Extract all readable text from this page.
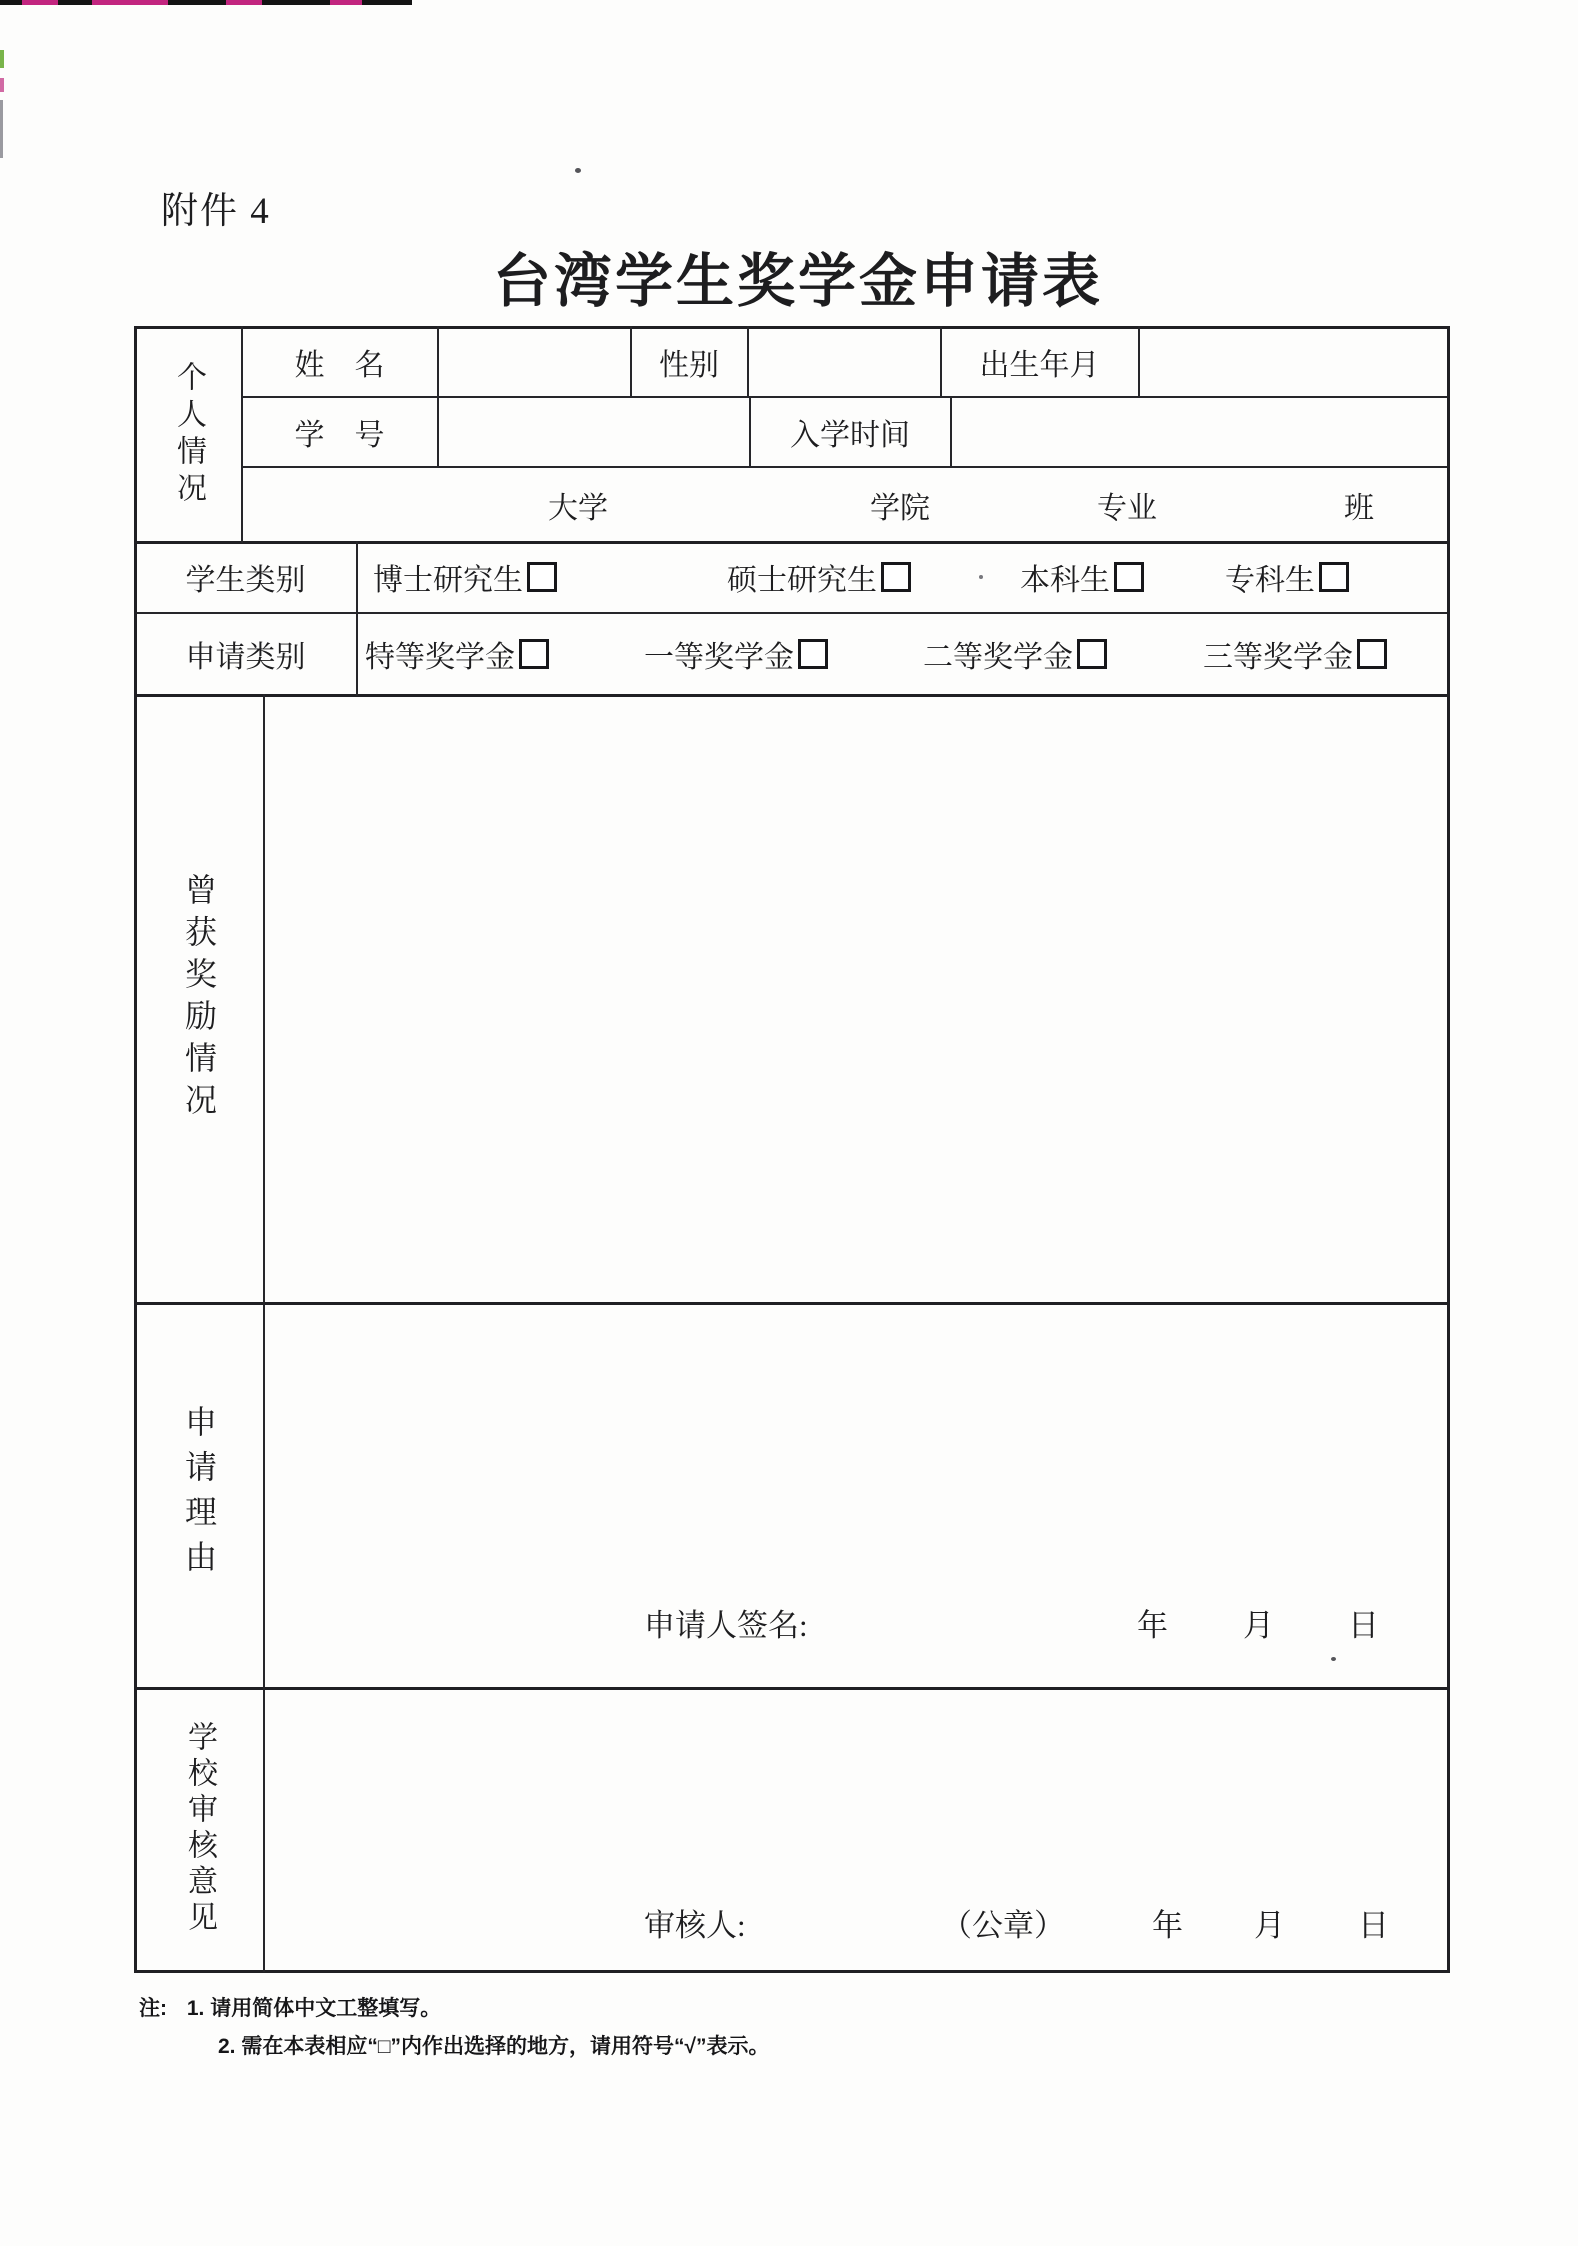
附件 4
台湾学生奖学金申请表
个人情况	姓　名	性别	出生年月
学　号	入学时间
大学	学院	专业	班
学生类别	博士研究生	硕士研究生	本科生	专科生
申请类别	特等奖学金	一等奖学金	二等奖学金	三等奖学金
曾获奖励情况
申请理由
申请人签名:	年 月 日
学校审核意见	审核人:	（公章）	年 月 日
注: 1. 请用简体中文工整填写。
2. 需在本表相应“□”内作出选择的地方，请用符号“√”表示。
